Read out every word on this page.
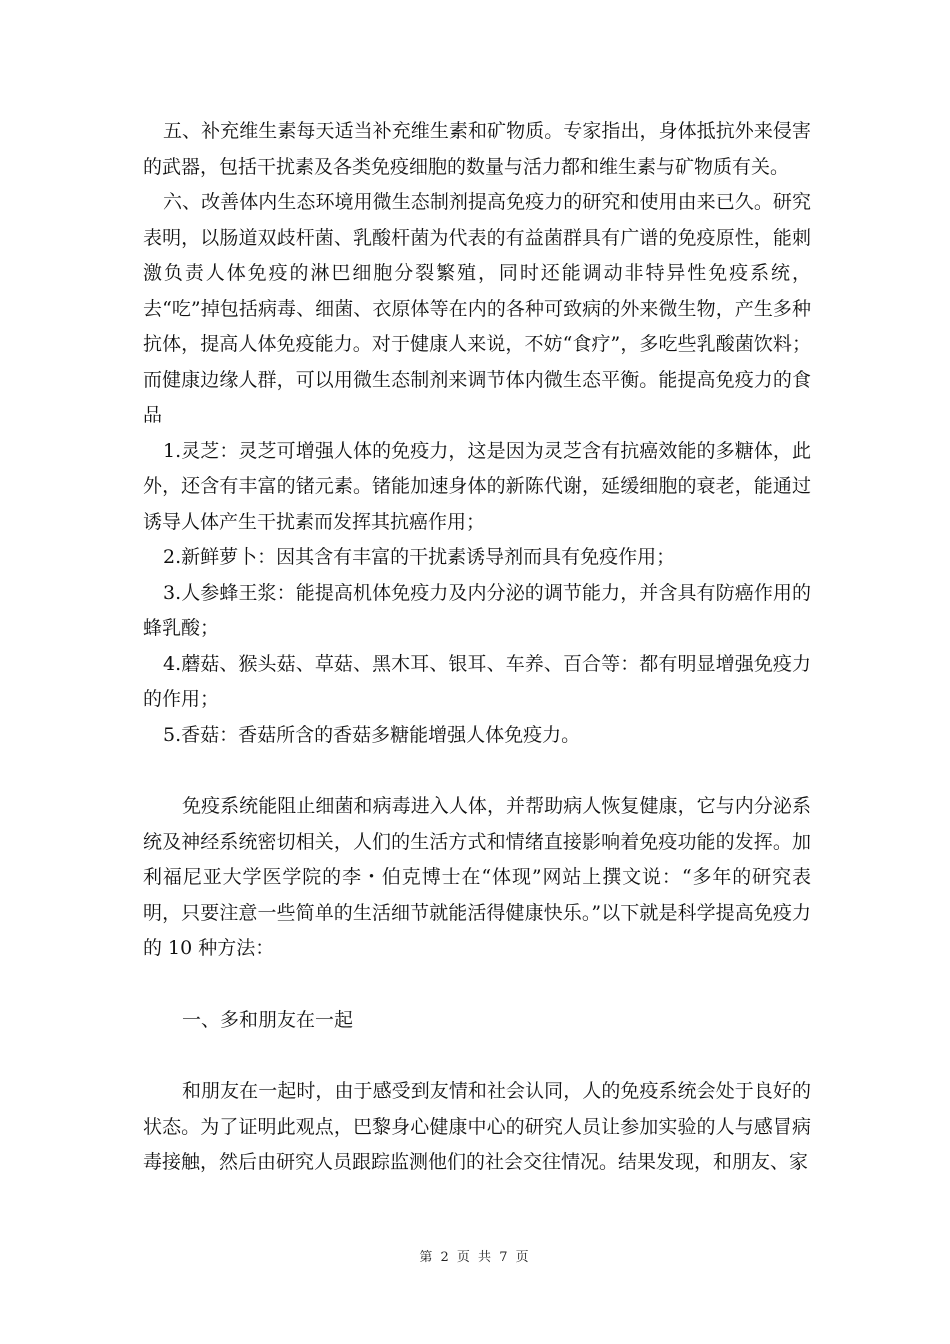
五、补充维生素每天适当补充维生素和矿物质。专家指出，身体抵抗外来侵害的武器，包括干扰素及各类免疫细胞的数量与活力都和维生素与矿物质有关。

六、改善体内生态环境用微生态制剂提高免疫力的研究和使用由来已久。研究表明，以肠道双歧杆菌、乳酸杆菌为代表的有益菌群具有广谱的免疫原性，能刺激负责人体免疫的淋巴细胞分裂繁殖，同时还能调动非特异性免疫系统，去“吃”掉包括病毒、细菌、衣原体等在内的各种可致病的外来微生物，产生多种抗体，提高人体免疫能力。对于健康人来说，不妨“食疗”，多吃些乳酸菌饮料；而健康边缘人群，可以用微生态制剂来调节体内微生态平衡。能提高免疫力的食品

1.灵芝：灵芝可增强人体的免疫力，这是因为灵芝含有抗癌效能的多糖体，此外，还含有丰富的锗元素。锗能加速身体的新陈代谢，延缓细胞的衰老，能通过诱导人体产生干扰素而发挥其抗癌作用；

2.新鲜萝卜：因其含有丰富的干扰素诱导剂而具有免疫作用；

3.人参蜂王浆：能提高机体免疫力及内分泌的调节能力，并含具有防癌作用的蜂乳酸；

4.蘑菇、猴头菇、草菇、黑木耳、银耳、车养、百合等：都有明显增强免疫力的作用；

5.香菇：香菇所含的香菇多糖能增强人体免疫力。

免疫系统能阻止细菌和病毒进入人体，并帮助病人恢复健康，它与内分泌系统及神经系统密切相关，人们的生活方式和情绪直接影响着免疫功能的发挥。加利福尼亚大学医学院的李・伯克博士在“体现”网站上撰文说：“多年的研究表明，只要注意一些简单的生活细节就能活得健康快乐。”以下就是科学提高免疫力的 10 种方法：

一、多和朋友在一起

和朋友在一起时，由于感受到友情和社会认同，人的免疫系统会处于良好的状态。为了证明此观点，巴黎身心健康中心的研究人员让参加实验的人与感冒病毒接触，然后由研究人员跟踪监测他们的社会交往情况。结果发现，和朋友、家

第 2 页 共 7 页
